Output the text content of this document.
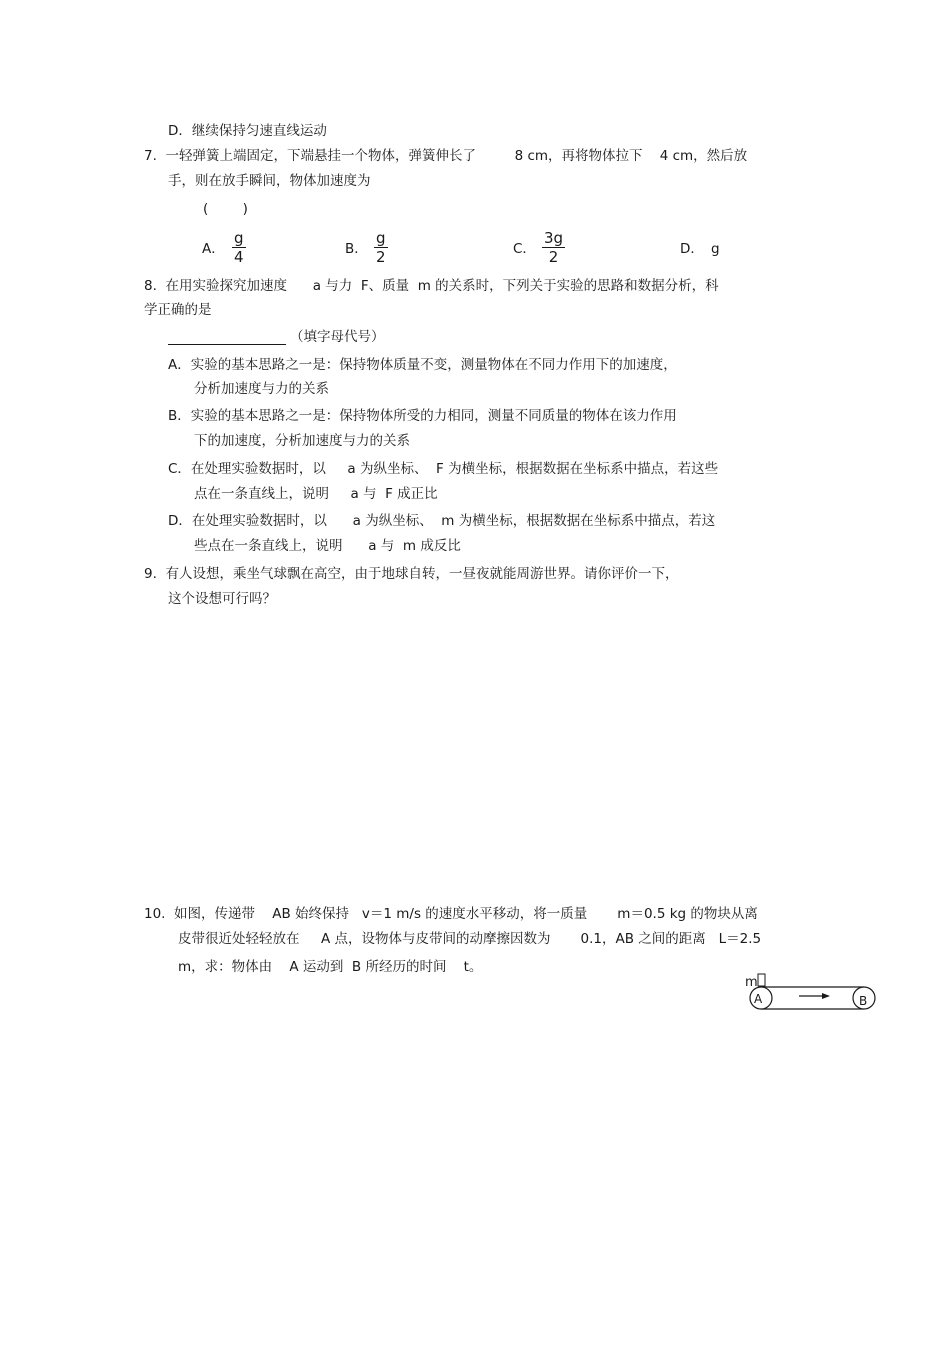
D．继续保持匀速直线运动
7.  一轻弹簧上端固定，下端悬挂一个物体，弹簧伸长了         8 cm，再将物体拉下    4 cm，然后放
手，则在放手瞬间，物体加速度为
(        )
A． $\frac{g}{4}$	B． $\frac{g}{2}$	C． $\frac{3g}{2}$	D． g
8.  在用实验探究加速度      a 与力  F、质量  m 的关系时，下列关于实验的思路和数据分析，科
学正确的是
（填字母代号）
A．实验的基本思路之一是：保持物体质量不变，测量物体在不同力作用下的加速度，
分析加速度与力的关系
B．实验的基本思路之一是：保持物体所受的力相同，测量不同质量的物体在该力作用
下的加速度，分析加速度与力的关系
C．在处理实验数据时，以     a 为纵坐标、  F 为横坐标，根据数据在坐标系中描点，若这些
点在一条直线上，说明     a 与  F 成正比
D．在处理实验数据时，以      a 为纵坐标、  m 为横坐标，根据数据在坐标系中描点，若这
些点在一条直线上，说明      a 与  m 成反比
9.  有人设想，乘坐气球飘在高空，由于地球自转，一昼夜就能周游世界。请你评价一下，
这个设想可行吗？
10.  如图，传递带    AB 始终保持   v＝1 m/s 的速度水平移动，将一质量       m＝0.5 kg 的物块从离
皮带很近处轻轻放在     A 点，设物体与皮带间的动摩擦因数为       0.1，AB 之间的距离   L＝2.5
m，求：物体由    A 运动到  B 所经历的时间    t。
m
A	B
